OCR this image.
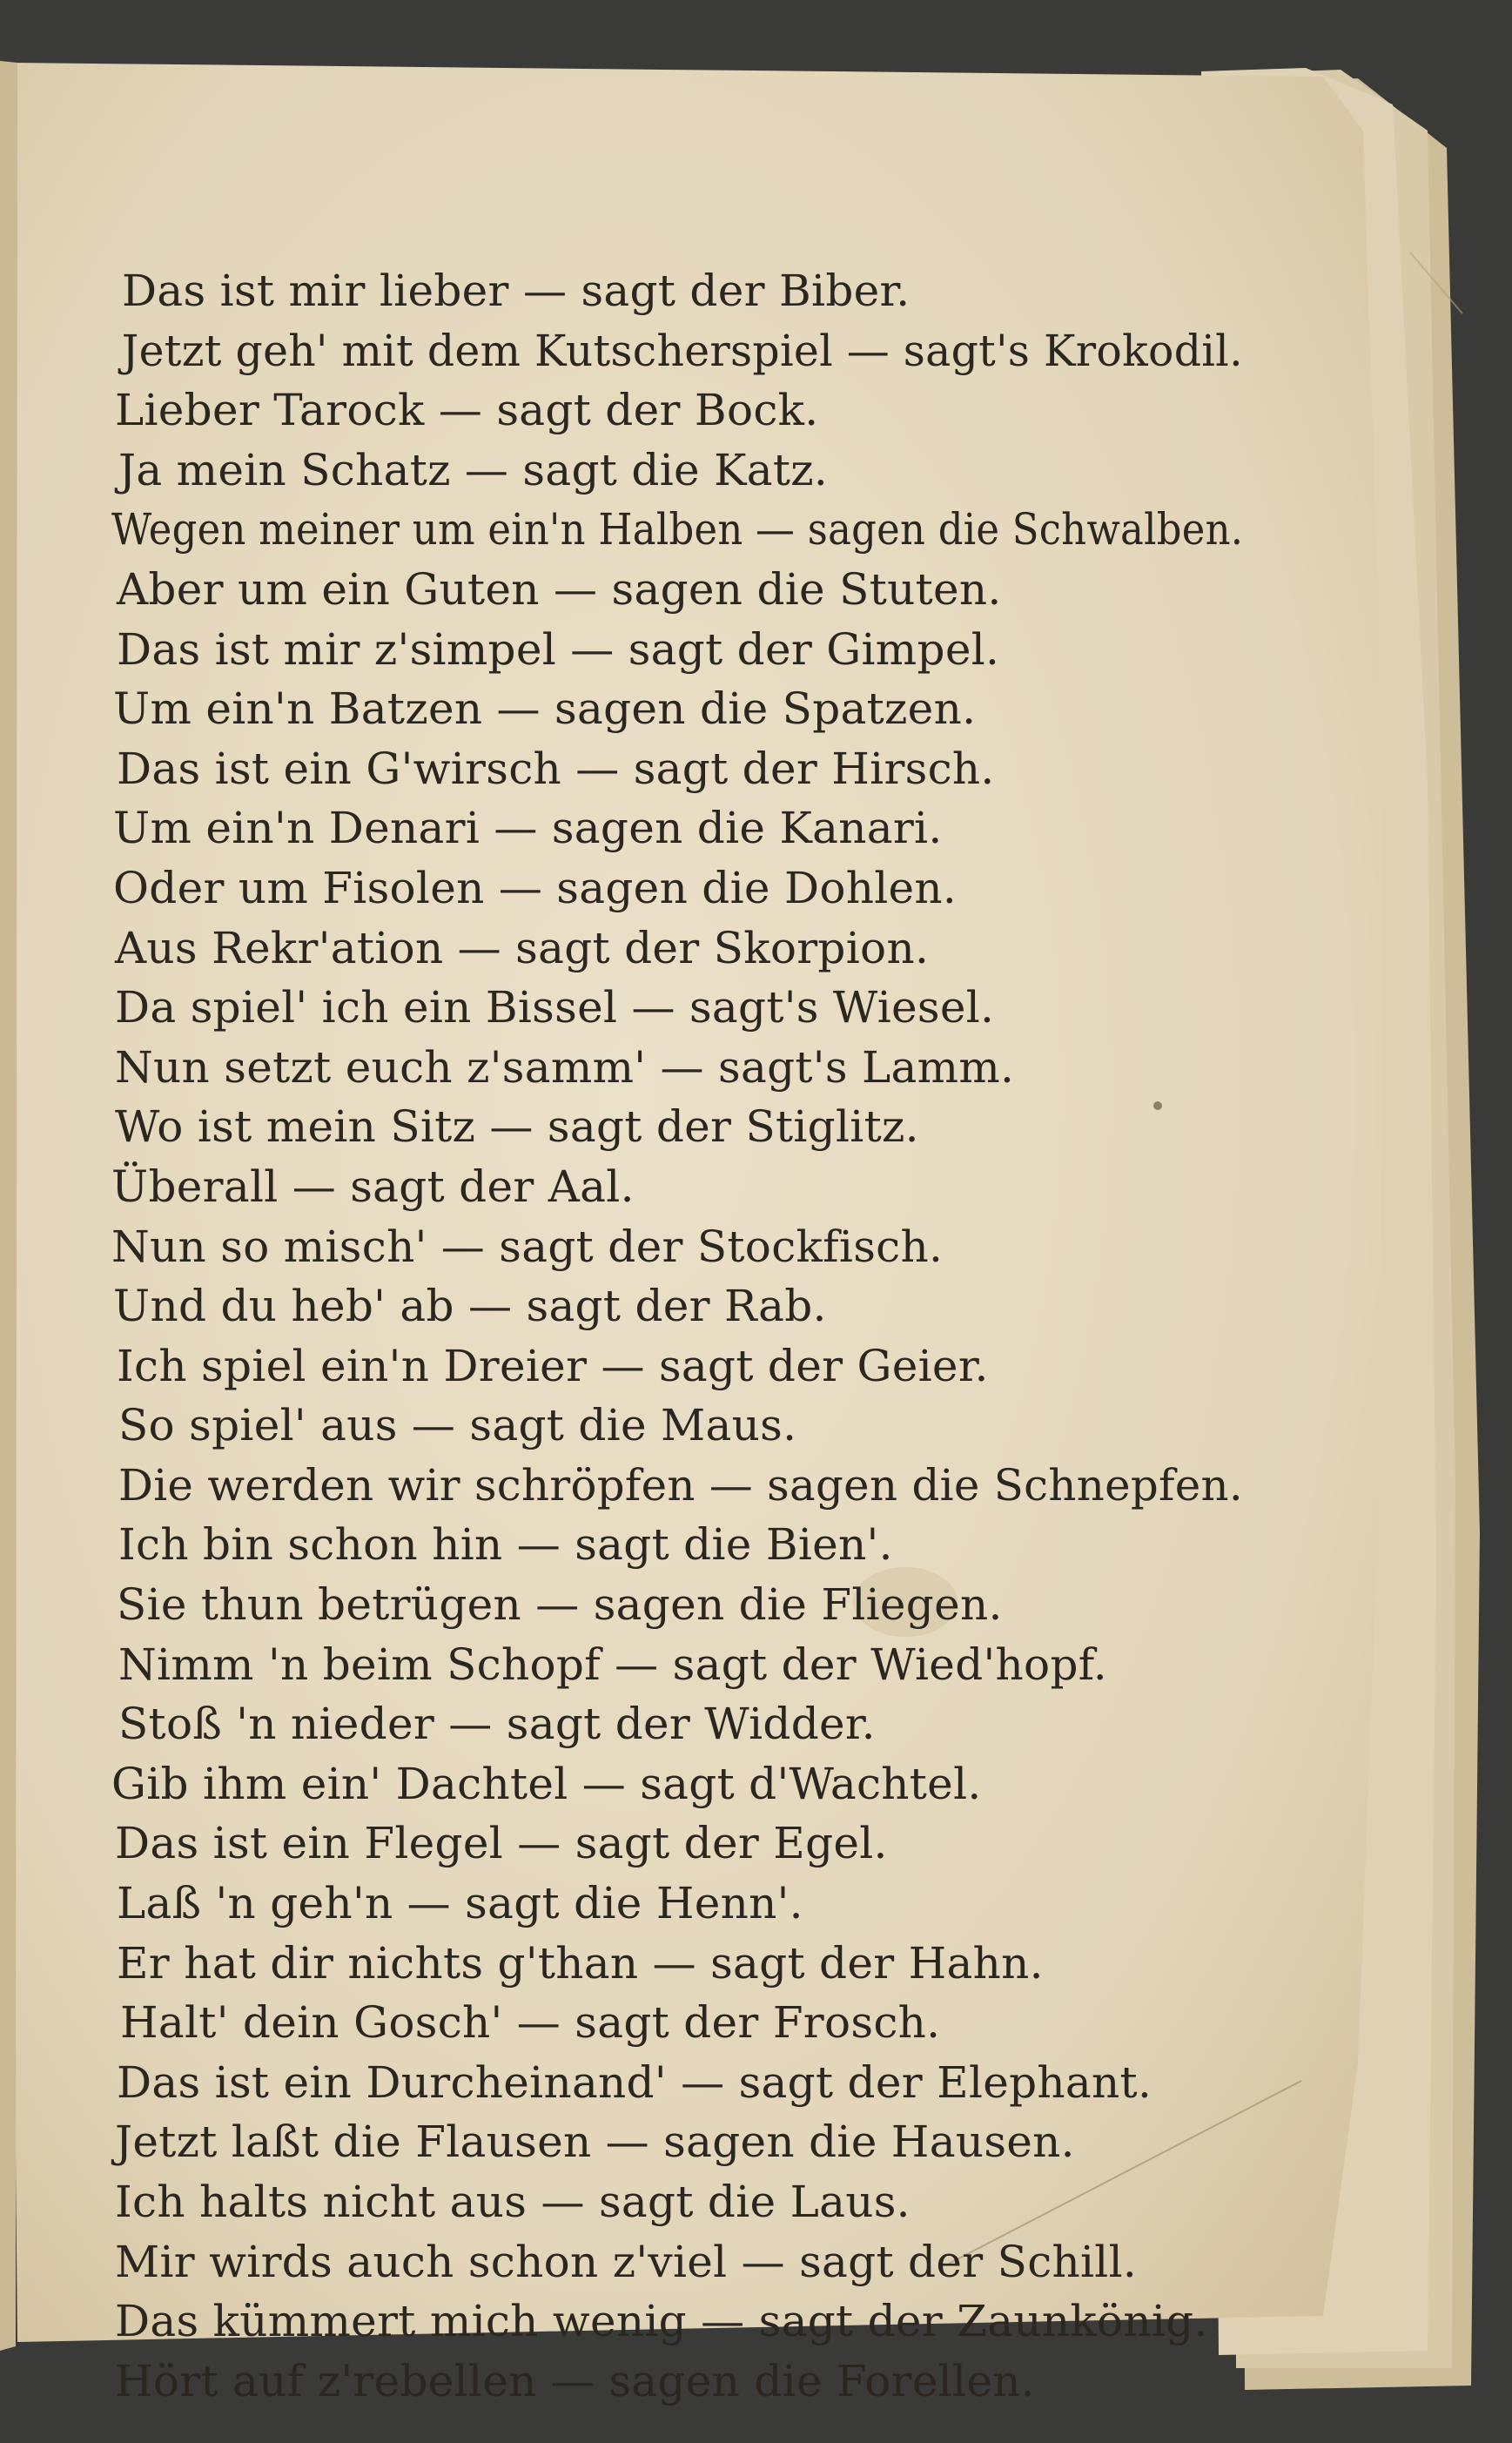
Das ist mir lieber — sagt der Biber.
Jetzt geh' mit dem Kutscherspiel — sagt's Krokodil.
Lieber Tarock — sagt der Bock.
Ja mein Schatz — sagt die Katz.
Wegen meiner um ein'n Halben — sagen die Schwalben.
Aber um ein Guten — sagen die Stuten.
Das ist mir z'simpel — sagt der Gimpel.
Um ein'n Batzen — sagen die Spatzen.
Das ist ein G'wirsch — sagt der Hirsch.
Um ein'n Denari — sagen die Kanari.
Oder um Fisolen — sagen die Dohlen.
Aus Rekr'ation — sagt der Skorpion.
Da spiel' ich ein Bissel — sagt's Wiesel.
Nun setzt euch z'samm' — sagt's Lamm.
Wo ist mein Sitz — sagt der Stiglitz.
Überall — sagt der Aal.
Nun so misch' — sagt der Stockfisch.
Und du heb' ab — sagt der Rab.
Ich spiel ein'n Dreier — sagt der Geier.
So spiel' aus — sagt die Maus.
Die werden wir schröpfen — sagen die Schnepfen.
Ich bin schon hin — sagt die Bien'.
Sie thun betrügen — sagen die Fliegen.
Nimm 'n beim Schopf — sagt der Wied'hopf.
Stoß 'n nieder — sagt der Widder.
Gib ihm ein' Dachtel — sagt d'Wachtel.
Das ist ein Flegel — sagt der Egel.
Laß 'n geh'n — sagt die Henn'.
Er hat dir nichts g'than — sagt der Hahn.
Halt' dein Gosch' — sagt der Frosch.
Das ist ein Durcheinand' — sagt der Elephant.
Jetzt laßt die Flausen — sagen die Hausen.
Ich halts nicht aus — sagt die Laus.
Mir wirds auch schon z'viel — sagt der Schill.
Das kümmert mich wenig — sagt der Zaunkönig.
Hört auf z'rebellen — sagen die Forellen.
